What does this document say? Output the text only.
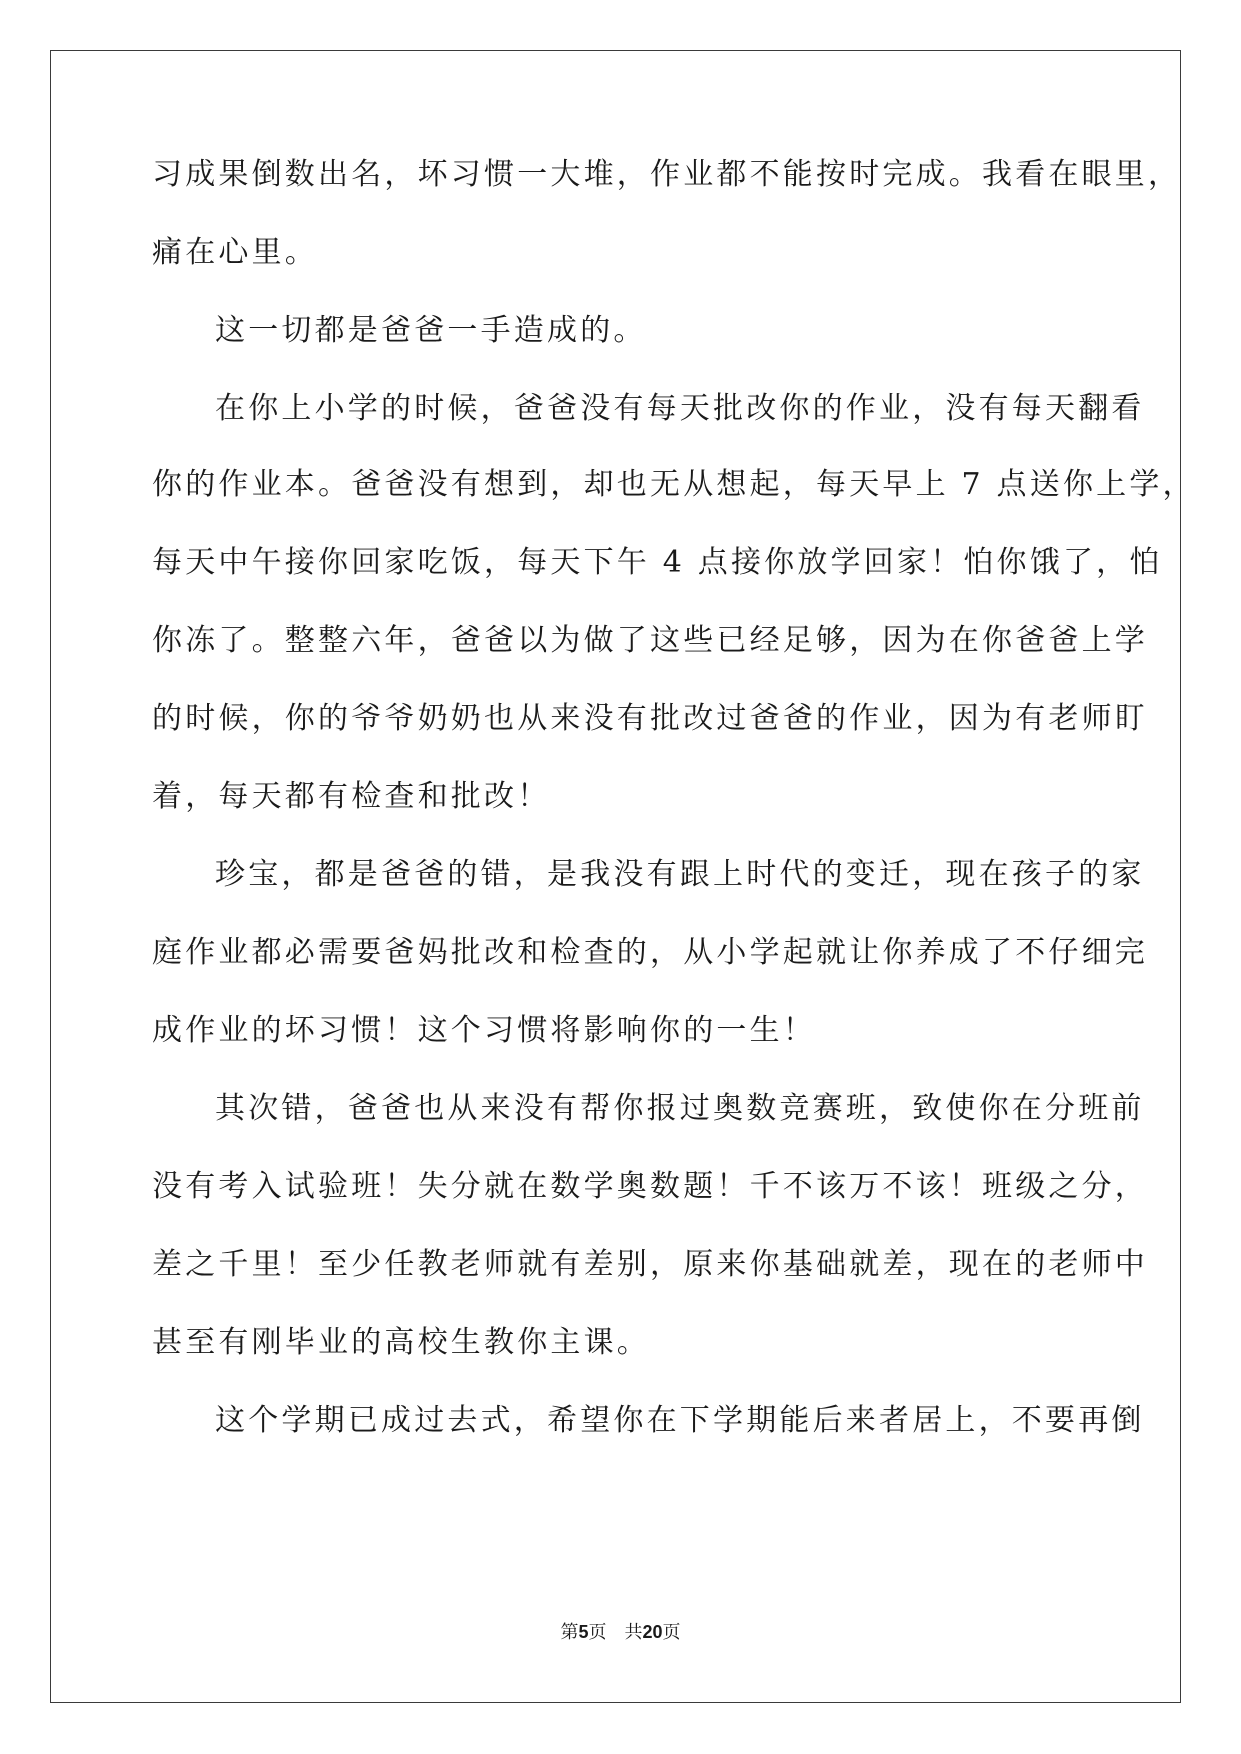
习成果倒数出名，坏习惯一大堆，作业都不能按时完成。我看在眼里，
痛在心里。
这一切都是爸爸一手造成的。
在你上小学的时候，爸爸没有每天批改你的作业，没有每天翻看
你的作业本。爸爸没有想到，却也无从想起，每天早上 7 点送你上学，
每天中午接你回家吃饭，每天下午 4 点接你放学回家！怕你饿了，怕
你冻了。整整六年，爸爸以为做了这些已经足够，因为在你爸爸上学
的时候，你的爷爷奶奶也从来没有批改过爸爸的作业，因为有老师盯
着，每天都有检查和批改！
珍宝，都是爸爸的错，是我没有跟上时代的变迁，现在孩子的家
庭作业都必需要爸妈批改和检查的，从小学起就让你养成了不仔细完
成作业的坏习惯！这个习惯将影响你的一生！
其次错，爸爸也从来没有帮你报过奥数竞赛班，致使你在分班前
没有考入试验班！失分就在数学奥数题！千不该万不该！班级之分，
差之千里！至少任教老师就有差别，原来你基础就差，现在的老师中
甚至有刚毕业的高校生教你主课。
这个学期已成过去式，希望你在下学期能后来者居上，不要再倒
第5页 共20页
